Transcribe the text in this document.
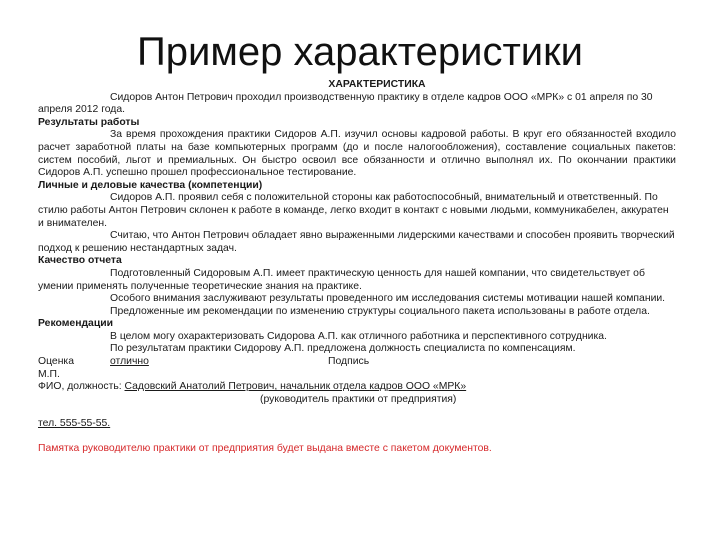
Пример характеристики

ХАРАКТЕРИСТИКА

Сидоров Антон Петрович проходил производственную практику в отделе кадров ООО «МРК» с 01 апреля по 30 апреля 2012 года.

Результаты работы

За время прохождения практики Сидоров А.П. изучил основы кадровой работы. В круг его обязанностей входило расчет заработной платы на базе компьютерных программ (до и после налогообложения), составление социальных пакетов: систем пособий, льгот и премиальных. Он быстро освоил все обязанности и отлично выполнял их. По окончании практики Сидоров А.П. успешно прошел профессиональное тестирование.

Личные и деловые качества (компетенции)

Сидоров А.П. проявил себя с положительной стороны как работоспособный, внимательный и ответственный. По стилю работы Антон Петрович склонен к работе в команде, легко входит в контакт с новыми людьми, коммуникабелен, аккуратен и внимателен.

Считаю, что Антон Петрович обладает явно выраженными лидерскими качествами и способен проявить творческий подход к решению нестандартных задач.

Качество отчета

Подготовленный Сидоровым А.П. имеет практическую ценность для нашей компании, что свидетельствует об умении применять полученные теоретические знания на практике.

Особого внимания заслуживают результаты проведенного им исследования системы мотивации нашей компании.

Предложенные им рекомендации по изменению структуры социального пакета использованы в работе отдела.

Рекомендации

В целом могу охарактеризовать Сидорова А.П. как отличного работника и перспективного сотрудника.

По результатам практики Сидорову А.П. предложена должность специалиста по компенсациям.

Оценка	отлично	Подпись

М.П.

ФИО, должность: Садовский Анатолий Петрович, начальник отдела кадров ООО «МРК»

(руководитель практики от предприятия)

тел. 555-55-55.

Памятка руководителю практики от предприятия будет выдана вместе с пакетом документов.
